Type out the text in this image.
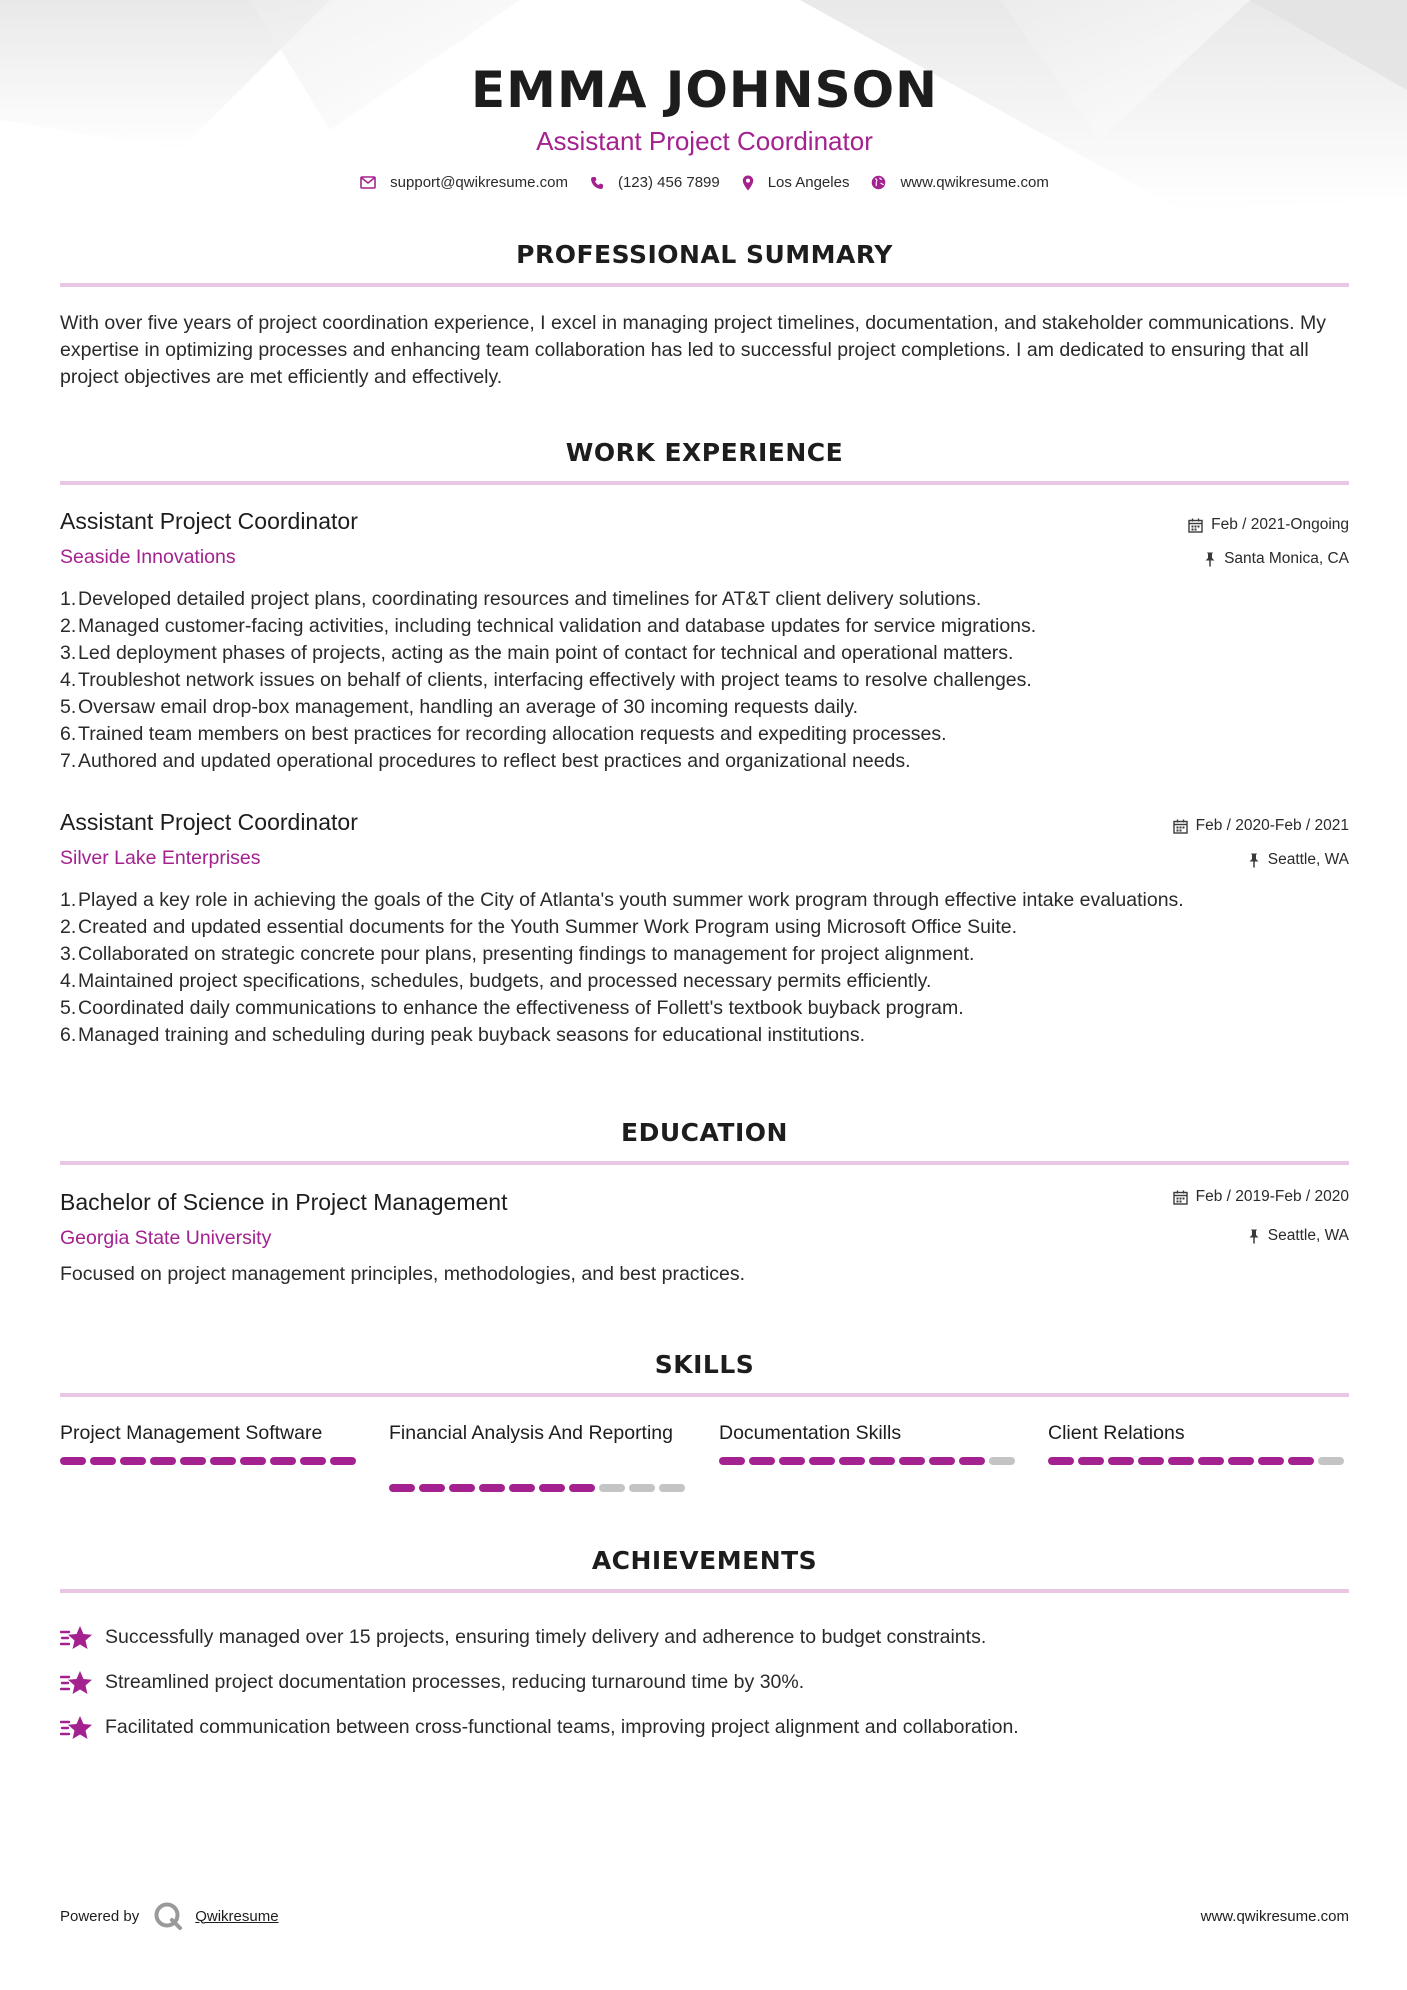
EMMA JOHNSON
Assistant Project Coordinator
support@qwikresume.com	(123) 456 7899	Los Angeles	www.qwikresume.com
PROFESSIONAL SUMMARY
With over five years of project coordination experience, I excel in managing project timelines, documentation, and stakeholder communications. My expertise in optimizing processes and enhancing team collaboration has led to successful project completions. I am dedicated to ensuring that all project objectives are met efficiently and effectively.
WORK EXPERIENCE
Assistant Project Coordinator
Seaside Innovations
Feb / 2021-Ongoing
Santa Monica, CA
1. Developed detailed project plans, coordinating resources and timelines for AT&T client delivery solutions.
2. Managed customer-facing activities, including technical validation and database updates for service migrations.
3. Led deployment phases of projects, acting as the main point of contact for technical and operational matters.
4. Troubleshot network issues on behalf of clients, interfacing effectively with project teams to resolve challenges.
5. Oversaw email drop-box management, handling an average of 30 incoming requests daily.
6. Trained team members on best practices for recording allocation requests and expediting processes.
7. Authored and updated operational procedures to reflect best practices and organizational needs.
Assistant Project Coordinator
Silver Lake Enterprises
Feb / 2020-Feb / 2021
Seattle, WA
1. Played a key role in achieving the goals of the City of Atlanta's youth summer work program through effective intake evaluations.
2. Created and updated essential documents for the Youth Summer Work Program using Microsoft Office Suite.
3. Collaborated on strategic concrete pour plans, presenting findings to management for project alignment.
4. Maintained project specifications, schedules, budgets, and processed necessary permits efficiently.
5. Coordinated daily communications to enhance the effectiveness of Follett's textbook buyback program.
6. Managed training and scheduling during peak buyback seasons for educational institutions.
EDUCATION
Bachelor of Science in Project Management
Georgia State University
Feb / 2019-Feb / 2020
Seattle, WA
Focused on project management principles, methodologies, and best practices.
SKILLS
Project Management Software	Financial Analysis And Reporting	Documentation Skills	Client Relations
ACHIEVEMENTS
Successfully managed over 15 projects, ensuring timely delivery and adherence to budget constraints.
Streamlined project documentation processes, reducing turnaround time by 30%.
Facilitated communication between cross-functional teams, improving project alignment and collaboration.
Powered by	Qwikresume	www.qwikresume.com
